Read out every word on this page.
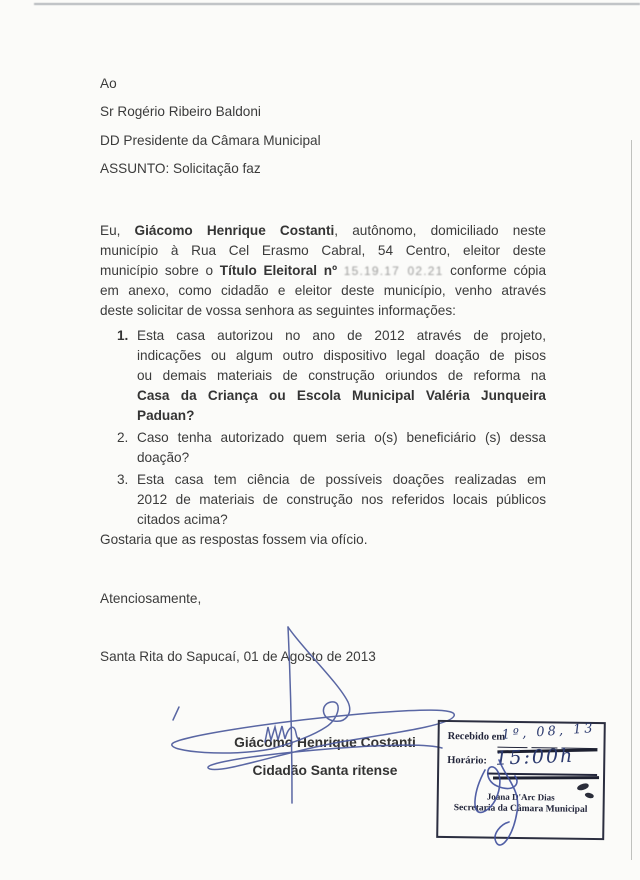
Ao
Sr Rogério Ribeiro Baldoni
DD Presidente da Câmara Municipal
ASSUNTO: Solicitação faz
Eu, Giácomo Henrique Costanti, autônomo, domiciliado neste
município à Rua Cel Erasmo Cabral, 54 Centro, eleitor deste
município sobre o Título Eleitoral nº 15.19.17 02.21 conforme cópia
em anexo, como cidadão e eleitor deste município, venho através
deste solicitar de vossa senhora as seguintes informações:
1. Esta casa autorizou no ano de 2012 através de projeto,
indicações ou algum outro dispositivo legal doação de pisos
ou demais materiais de construção oriundos de reforma na
Casa da Criança ou Escola Municipal Valéria Junqueira
Paduan?
2. Caso tenha autorizado quem seria o(s) beneficiário (s) dessa
doação?
3. Esta casa tem ciência de possíveis doações realizadas em
2012 de materiais de construção nos referidos locais públicos
citados acima?
Gostaria que as respostas fossem via ofício.
Atenciosamente,
Santa Rita do Sapucaí, 01 de Agosto de 2013
Giácomo Henrique Costanti
Cidadão Santa ritense
Recebido em
1º, 08, 13
Horário: 15:00h
Joana D'Arc Dias
Secretaria da Câmara Municipal
